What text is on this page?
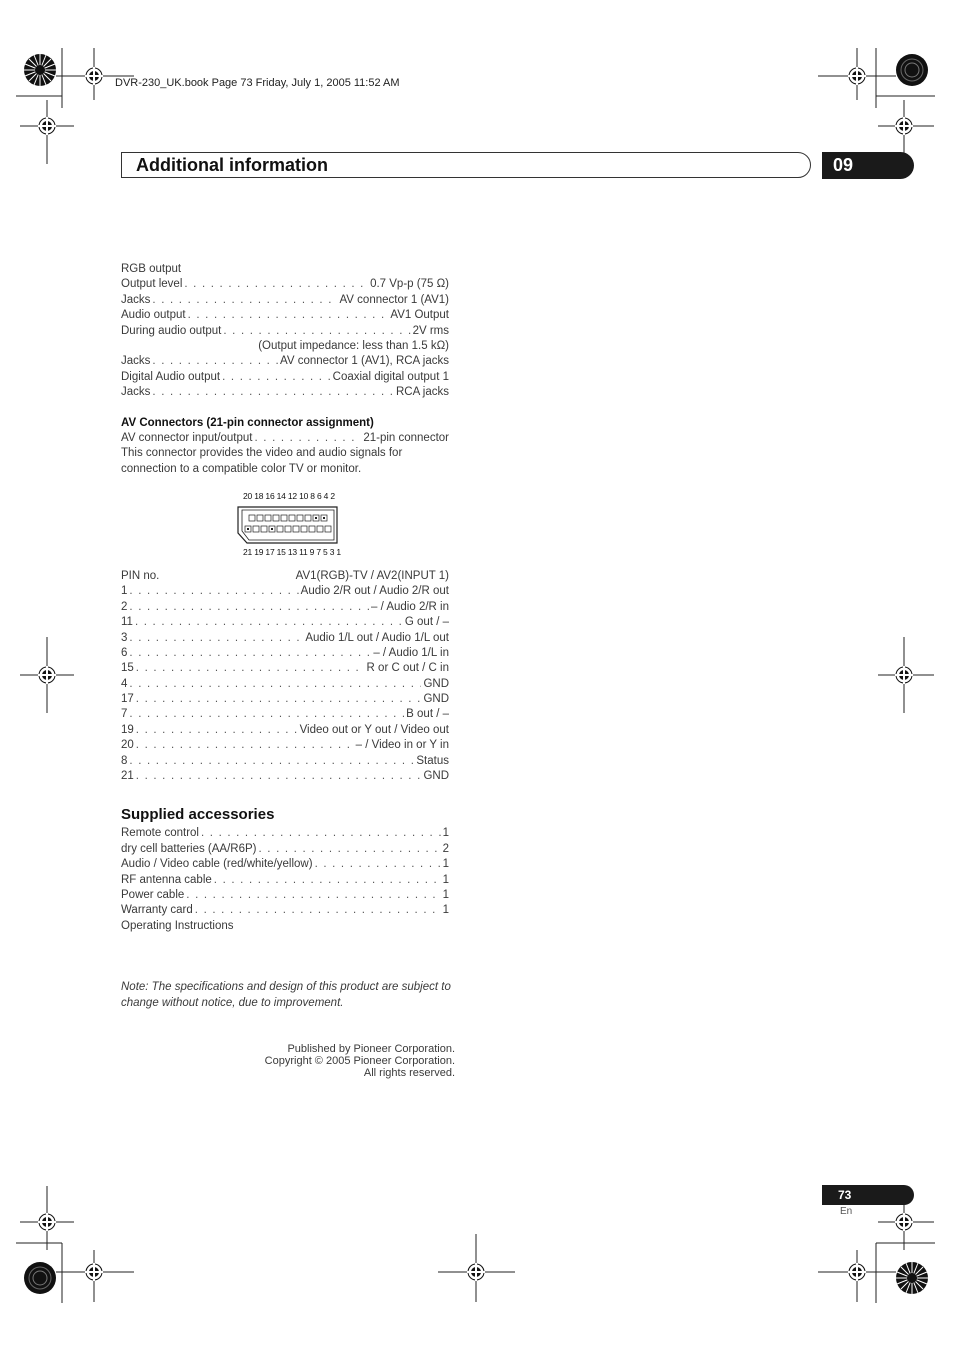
DVR-230_UK.book Page 73 Friday, July 1, 2005 11:52 AM
Additional information	09
RGB output
Output level . . .	0.7 Vp-p (75 Ω)
Jacks . . .	AV connector 1 (AV1)
Audio output . . .	AV1 Output
During audio output . . .	2V rms
(Output impedance: less than 1.5 kΩ)
Jacks . . .	AV connector 1 (AV1), RCA jacks
Digital Audio output . . .	Coaxial digital output 1
Jacks . . .	RCA jacks
AV Connectors (21-pin connector assignment)
AV connector input/output . . .	21-pin connector
This connector provides the video and audio signals for connection to a compatible color TV or monitor.
20 18 16 14 12 10 8 6 4 2
21 19 17 15 13 11 9 7 5 3 1
PIN no.	AV1(RGB)-TV / AV2(INPUT 1)
1 . . .	Audio 2/R out / Audio 2/R out
2 . . .	– / Audio 2/R in
11 . . .	G out / –
3 . . .	Audio 1/L out / Audio 1/L out
6 . . .	– / Audio 1/L in
15 . . .	R or C out / C in
4 . . .	GND
17 . . .	GND
7 . . .	B out / –
19 . . .	Video out or Y out / Video out
20 . . .	– / Video in or Y in
8 . . .	Status
21 . . .	GND
Supplied accessories
Remote control . . .	1
dry cell batteries (AA/R6P) . . .	2
Audio / Video cable (red/white/yellow) . . .	1
RF antenna cable . . .	1
Power cable . . .	1
Warranty card . . .	1
Operating Instructions
Note: The specifications and design of this product are subject to change without notice, due to improvement.
Published by Pioneer Corporation.
Copyright © 2005 Pioneer Corporation.
All rights reserved.
73
En
